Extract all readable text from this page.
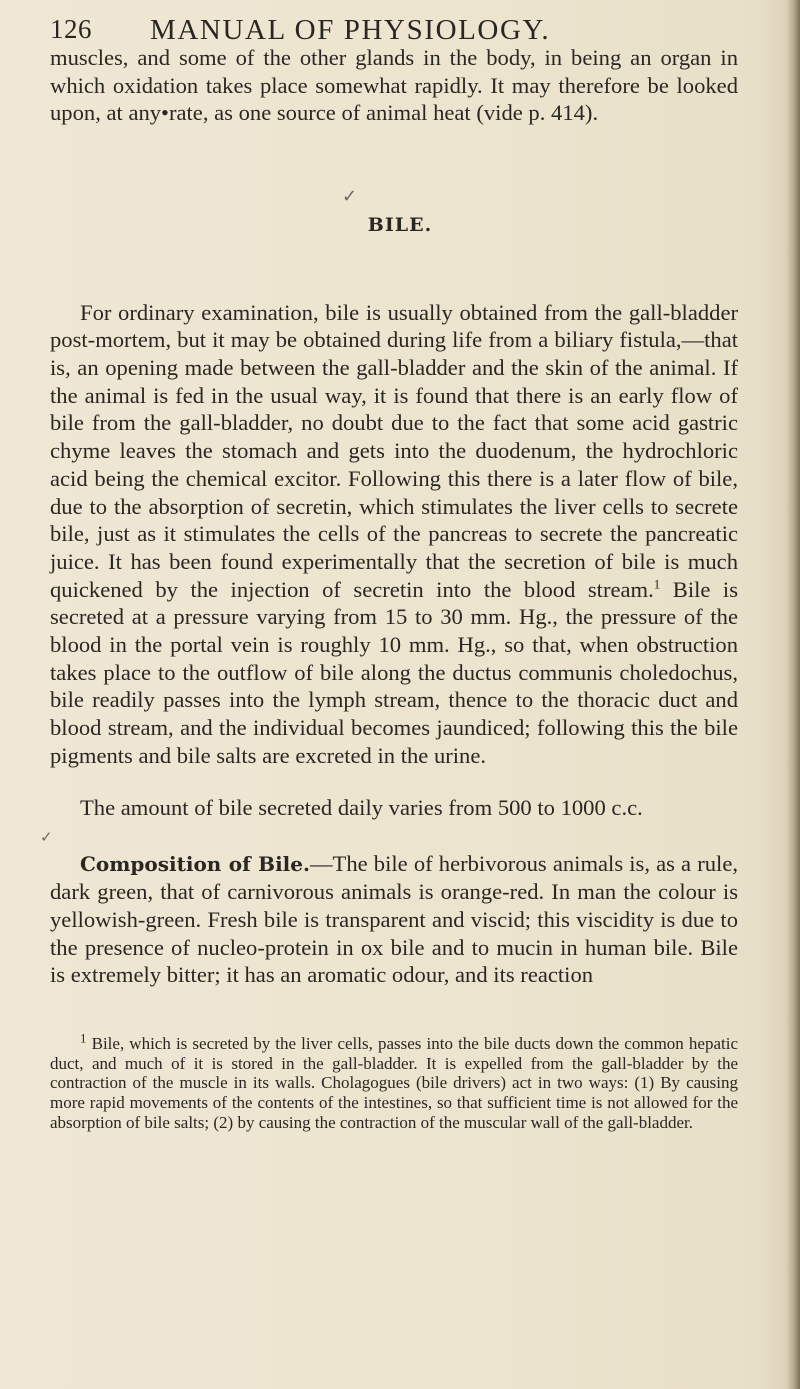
126 MANUAL OF PHYSIOLOGY.

muscles, and some of the other glands in the body, in being an organ in which oxidation takes place somewhat rapidly. It may therefore be looked upon, at any•rate, as one source of animal heat (vide p. 414).

✓
BILE.

For ordinary examination, bile is usually obtained from the gall-bladder post-mortem, but it may be obtained during life from a biliary fistula,—that is, an opening made between the gall-bladder and the skin of the animal. If the animal is fed in the usual way, it is found that there is an early flow of bile from the gall-bladder, no doubt due to the fact that some acid gastric chyme leaves the stomach and gets into the duodenum, the hydrochloric acid being the chemical excitor. Following this there is a later flow of bile, due to the absorption of secretin, which stimulates the liver cells to secrete bile, just as it stimulates the cells of the pancreas to secrete the pancreatic juice. It has been found experimentally that the secretion of bile is much quickened by the injection of secretin into the blood stream.$^1$ Bile is secreted at a pressure varying from 15 to 30 mm. Hg., the pressure of the blood in the portal vein is roughly 10 mm. Hg., so that, when obstruction takes place to the outflow of bile along the ductus communis choledochus, bile readily passes into the lymph stream, thence to the thoracic duct and blood stream, and the individual becomes jaundiced; following this the bile pigments and bile salts are excreted in the urine.

The amount of bile secreted daily varies from 500 to 1000 c.c.

✓

Composition of Bile.—The bile of herbivorous animals is, as a rule, dark green, that of carnivorous animals is orange-red. In man the colour is yellowish-green. Fresh bile is transparent and viscid; this viscidity is due to the presence of nucleo-protein in ox bile and to mucin in human bile. Bile is extremely bitter; it has an aromatic odour, and its reaction

$^1$ Bile, which is secreted by the liver cells, passes into the bile ducts down the common hepatic duct, and much of it is stored in the gall-bladder. It is expelled from the gall-bladder by the contraction of the muscle in its walls. Cholagogues (bile drivers) act in two ways: (1) By causing more rapid movements of the contents of the intestines, so that sufficient time is not allowed for the absorption of bile salts; (2) by causing the contraction of the muscular wall of the gall-bladder.
